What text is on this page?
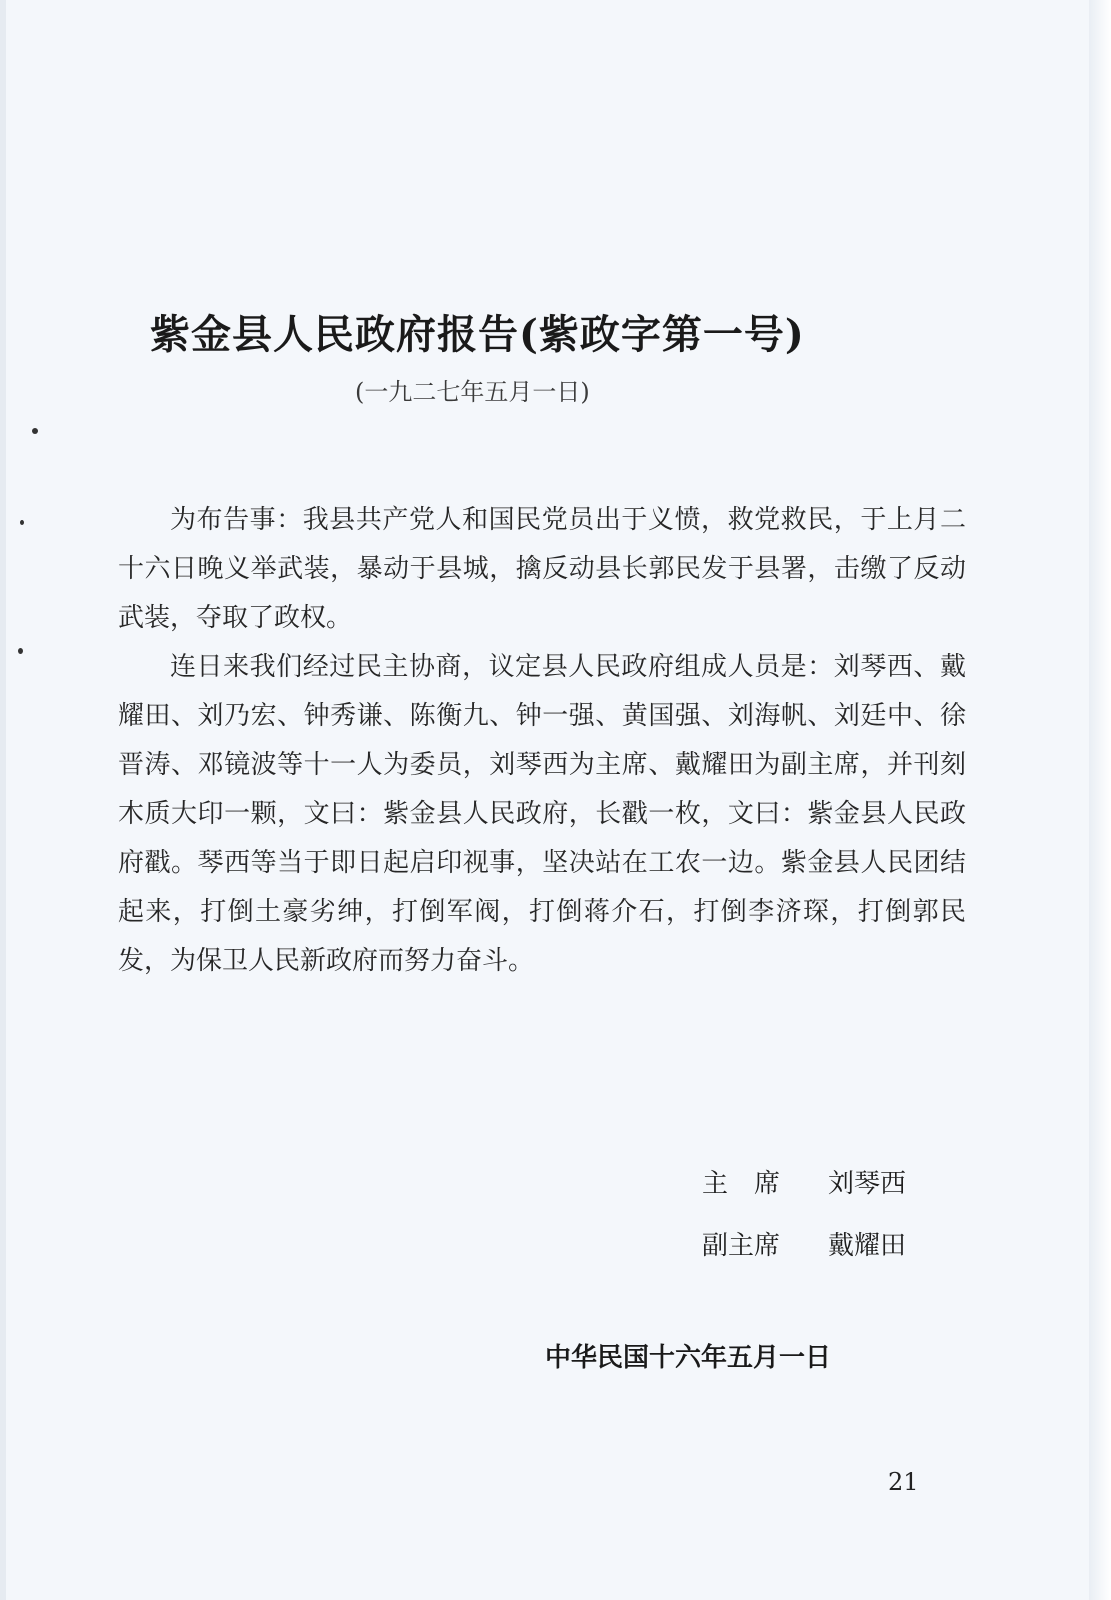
紫金县人民政府报告(紫政字第一号)
(一九二七年五月一日)

为布告事：我县共产党人和国民党员出于义愤，救党救民，于上月二十六日晚义举武装，暴动于县城，擒反动县长郭民发于县署，击缴了反动武装，夺取了政权。

连日来我们经过民主协商，议定县人民政府组成人员是：刘琴西、戴耀田、刘乃宏、钟秀谦、陈衡九、钟一强、黄国强、刘海帆、刘廷中、徐晋涛、邓镜波等十一人为委员，刘琴西为主席、戴耀田为副主席，并刊刻木质大印一颗，文曰：紫金县人民政府，长戳一枚，文曰：紫金县人民政府戳。琴西等当于即日起启印视事，坚决站在工农一边。紫金县人民团结起来，打倒土豪劣绅，打倒军阀，打倒蒋介石，打倒李济琛，打倒郭民发，为保卫人民新政府而努力奋斗。

主席 刘琴西
副主席 戴耀田
中华民国十六年五月一日
21
